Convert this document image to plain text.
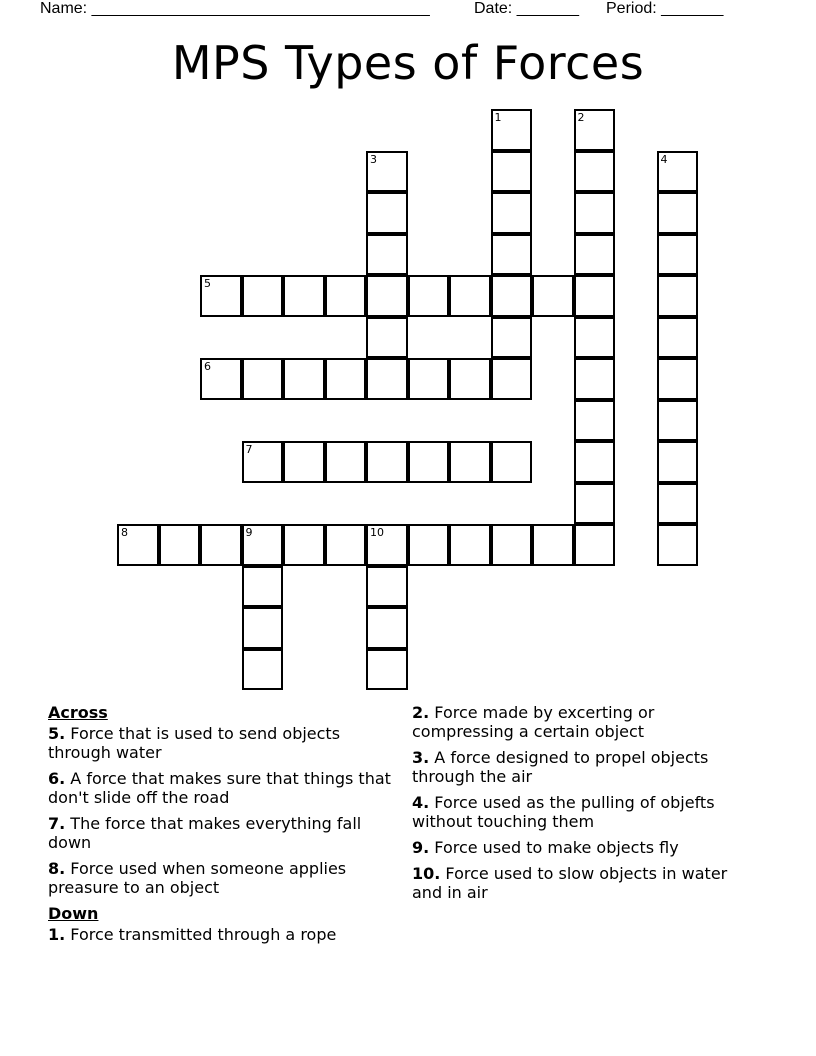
Name: ______________________________________	Date: _______ Period: _______
MPS Types of Forces
1	2
3	4
5
6
7
8	9	10
Across
5. Force that is used to send objects through water
6. A force that makes sure that things that don't slide off the road
7. The force that makes everything fall down
8. Force used when someone applies preasure to an object
Down
1. Force transmitted through a rope
2. Force made by excerting or compressing a certain object
3. A force designed to propel objects through the air
4. Force used as the pulling of objefts without touching them
9. Force used to make objects fly
10. Force used to slow objects in water and in air
